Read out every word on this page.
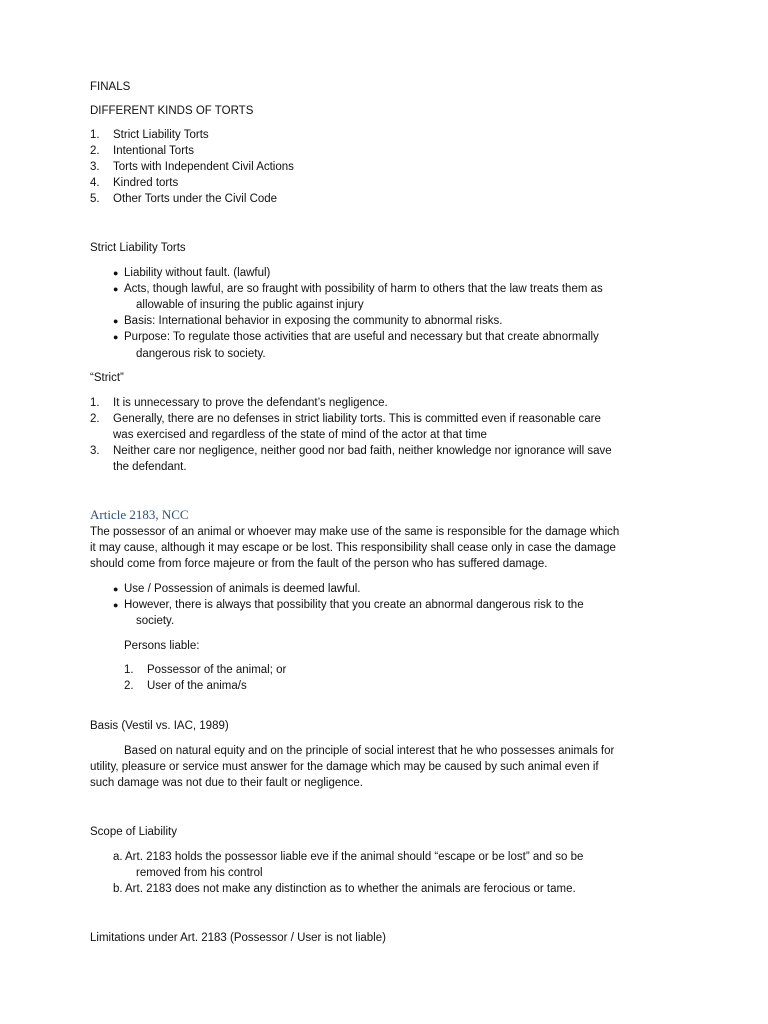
FINALS
DIFFERENT KINDS OF TORTS
1. Strict Liability Torts
2. Intentional Torts
3. Torts with Independent Civil Actions
4. Kindred torts
5. Other Torts under the Civil Code
Strict Liability Torts
● Liability without fault. (lawful)
● Acts, though lawful, are so fraught with possibility of harm to others that the law treats them as
allowable of insuring the public against injury
● Basis: International behavior in exposing the community to abnormal risks.
● Purpose: To regulate those activities that are useful and necessary but that create abnormally
dangerous risk to society.
“Strict”
1. It is unnecessary to prove the defendant’s negligence.
2. Generally, there are no defenses in strict liability torts. This is committed even if reasonable care
was exercised and regardless of the state of mind of the actor at that time
3. Neither care nor negligence, neither good nor bad faith, neither knowledge nor ignorance will save
the defendant.
Article 2183, NCC
The possessor of an animal or whoever may make use of the same is responsible for the damage which
it may cause, although it may escape or be lost. This responsibility shall cease only in case the damage
should come from force majeure or from the fault of the person who has suffered damage.
● Use / Possession of animals is deemed lawful.
● However, there is always that possibility that you create an abnormal dangerous risk to the
society.
Persons liable:
1. Possessor of the animal; or
2. User of the anima/s
Basis (Vestil vs. IAC, 1989)
Based on natural equity and on the principle of social interest that he who possesses animals for
utility, pleasure or service must answer for the damage which may be caused by such animal even if
such damage was not due to their fault or negligence.
Scope of Liability
a. Art. 2183 holds the possessor liable eve if the animal should “escape or be lost” and so be
removed from his control
b. Art. 2183 does not make any distinction as to whether the animals are ferocious or tame.
Limitations under Art. 2183 (Possessor / User is not liable)
